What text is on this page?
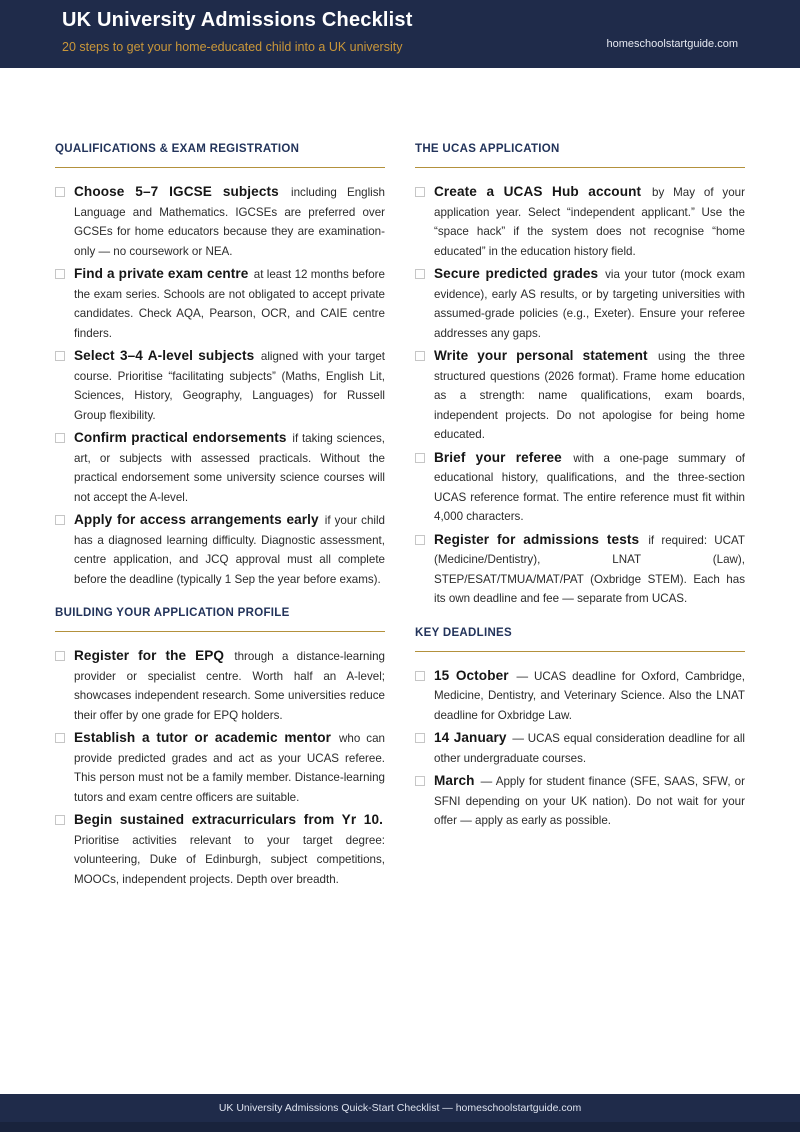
UK University Admissions Checklist
20 steps to get your home-educated child into a UK university	homeschoolstartguide.com
QUALIFICATIONS & EXAM REGISTRATION
Choose 5–7 IGCSE subjects including English Language and Mathematics. IGCSEs are preferred over GCSEs for home educators because they are examination-only — no coursework or NEA.
Find a private exam centre at least 12 months before the exam series. Schools are not obligated to accept private candidates. Check AQA, Pearson, OCR, and CAIE centre finders.
Select 3–4 A-level subjects aligned with your target course. Prioritise “facilitating subjects” (Maths, English Lit, Sciences, History, Geography, Languages) for Russell Group flexibility.
Confirm practical endorsements if taking sciences, art, or subjects with assessed practicals. Without the practical endorsement some university science courses will not accept the A-level.
Apply for access arrangements early if your child has a diagnosed learning difficulty. Diagnostic assessment, centre application, and JCQ approval must all complete before the deadline (typically 1 Sep the year before exams).
BUILDING YOUR APPLICATION PROFILE
Register for the EPQ through a distance-learning provider or specialist centre. Worth half an A-level; showcases independent research. Some universities reduce their offer by one grade for EPQ holders.
Establish a tutor or academic mentor who can provide predicted grades and act as your UCAS referee. This person must not be a family member. Distance-learning tutors and exam centre officers are suitable.
Begin sustained extracurriculars from Yr 10. Prioritise activities relevant to your target degree: volunteering, Duke of Edinburgh, subject competitions, MOOCs, independent projects. Depth over breadth.
THE UCAS APPLICATION
Create a UCAS Hub account by May of your application year. Select “independent applicant.” Use the “space hack” if the system does not recognise “home educated” in the education history field.
Secure predicted grades via your tutor (mock exam evidence), early AS results, or by targeting universities with assumed-grade policies (e.g., Exeter). Ensure your referee addresses any gaps.
Write your personal statement using the three structured questions (2026 format). Frame home education as a strength: name qualifications, exam boards, independent projects. Do not apologise for being home educated.
Brief your referee with a one-page summary of educational history, qualifications, and the three-section UCAS reference format. The entire reference must fit within 4,000 characters.
Register for admissions tests if required: UCAT (Medicine/Dentistry), LNAT (Law), STEP/ESAT/TMUA/MAT/PAT (Oxbridge STEM). Each has its own deadline and fee — separate from UCAS.
KEY DEADLINES
15 October — UCAS deadline for Oxford, Cambridge, Medicine, Dentistry, and Veterinary Science. Also the LNAT deadline for Oxbridge Law.
14 January — UCAS equal consideration deadline for all other undergraduate courses.
March — Apply for student finance (SFE, SAAS, SFW, or SFNI depending on your UK nation). Do not wait for your offer — apply as early as possible.
UK University Admissions Quick-Start Checklist — homeschoolstartguide.com
